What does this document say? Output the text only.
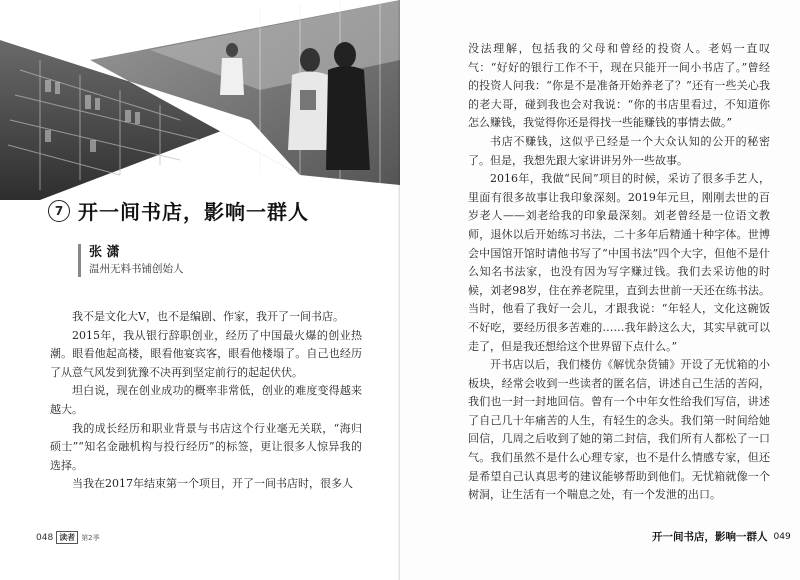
7 开一间书店，影响一群人
张 潇
温州无料书铺创始人

我不是文化大V，也不是编剧、作家，我开了一间书店。

2015年，我从银行辞职创业，经历了中国最火爆的创业热潮。眼看他起高楼，眼看他宴宾客，眼看他楼塌了。自己也经历了从意气风发到犹豫不决再到坚定前行的起起伏伏。

坦白说，现在创业成功的概率非常低，创业的难度变得越来越大。

我的成长经历和职业背景与书店这个行业毫无关联，“海归硕士”“知名金融机构与投行经历”的标签，更让很多人惊异我的选择。

当我在2017年结束第一个项目，开了一间书店时，很多人

048 读者 第2季

没法理解，包括我的父母和曾经的投资人。老妈一直叹气：“好好的银行工作不干，现在只能开一间小书店了。”曾经的投资人问我：“你是不是准备开始养老了？”还有一些关心我的老大哥，碰到我也会对我说：“你的书店里看过，不知道你怎么赚钱，我觉得你还是得找一些能赚钱的事情去做。”

书店不赚钱，这似乎已经是一个大众认知的公开的秘密了。但是，我想先跟大家讲讲另外一些故事。

2016年，我做“民间”项目的时候，采访了很多手艺人，里面有很多故事让我印象深刻。2019年元旦，刚刚去世的百岁老人——刘老给我的印象最深刻。刘老曾经是一位语文教师，退休以后开始练习书法，二十多年后精通十种字体。世博会中国馆开馆时请他书写了“中国书法”四个大字，但他不是什么知名书法家，也没有因为写字赚过钱。我们去采访他的时候，刘老98岁，住在养老院里，直到去世前一天还在练书法。当时，他看了我好一会儿，才跟我说：“年轻人，文化这碗饭不好吃，要经历很多苦难的……我年龄这么大，其实早就可以走了，但是我还想给这个世界留下点什么。”

开书店以后，我们楼仿《解忧杂货铺》开设了无忧箱的小板块，经常会收到一些读者的匿名信，讲述自己生活的苦闷，我们也一封一封地回信。曾有一个中年女性给我们写信，讲述了自己几十年痛苦的人生，有轻生的念头。我们第一时间给她回信，几周之后收到了她的第二封信，我们所有人都松了一口气。我们虽然不是什么心理专家，也不是什么情感专家，但还是希望自己认真思考的建议能够帮助到他们。无忧箱就像一个树洞，让生活有一个喘息之处，有一个发泄的出口。

开一间书店，影响一群人 049
